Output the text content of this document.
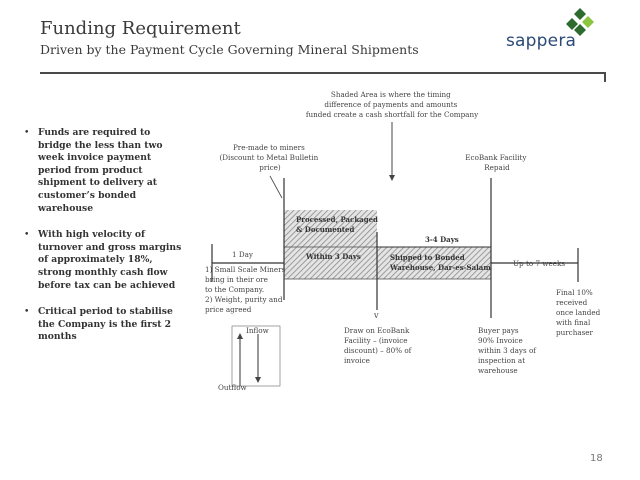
Funding Requirement
Driven by the Payment Cycle Governing Mineral Shipments	sappera
• Funds are required to bridge the less than two week invoice payment period from product shipment to delivery at customer’s bonded warehouse
• With high velocity of turnover and gross margins of approximately 18%, strong monthly cash flow before tax can be achieved
• Critical period to stabilise the Company is the first 2 months
v
Shaded Area is where the timing difference of payments and amounts funded create a cash shortfall for the Company
Pre-made to miners (Discount to Metal Bulletin price)
EcoBank Facility Repaid
Processed, Packaged & Documented
3-4 Days
Within 3 Days	Shipped to Bonded Warehouse, Dar-es-Salam
1 Day
Up to 7 weeks
1) Small Scale Miners bring in their ore to the Company. 2) Weight, purity and price agreed
Inflow
Outflow
Draw on EcoBank Facility – (invoice discount) – 80% of invoice
Buyer pays 90% Invoice within 3 days of inspection at warehouse
Final 10% received once landed with final purchaser
18
